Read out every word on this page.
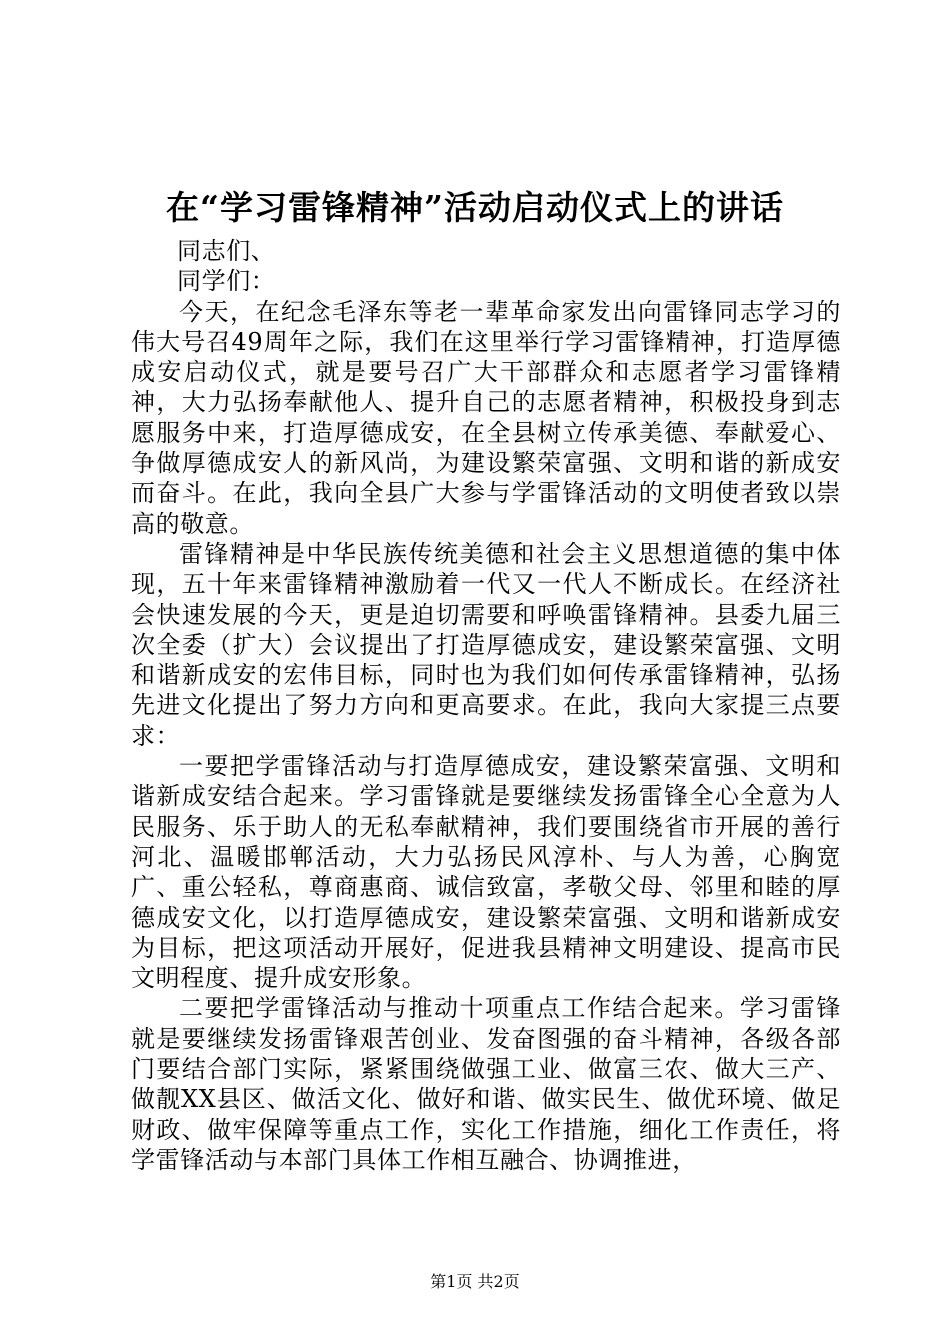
在“学习雷锋精神”活动启动仪式上的讲话

同志们、

同学们：

今天，在纪念毛泽东等老一辈革命家发出向雷锋同志学习的伟大号召49周年之际，我们在这里举行学习雷锋精神，打造厚德成安启动仪式，就是要号召广大干部群众和志愿者学习雷锋精神，大力弘扬奉献他人、提升自己的志愿者精神，积极投身到志愿服务中来，打造厚德成安，在全县树立传承美德、奉献爱心、争做厚德成安人的新风尚，为建设繁荣富强、文明和谐的新成安而奋斗。在此，我向全县广大参与学雷锋活动的文明使者致以崇高的敬意。

雷锋精神是中华民族传统美德和社会主义思想道德的集中体现，五十年来雷锋精神激励着一代又一代人不断成长。在经济社会快速发展的今天，更是迫切需要和呼唤雷锋精神。县委九届三次全委（扩大）会议提出了打造厚德成安，建设繁荣富强、文明和谐新成安的宏伟目标，同时也为我们如何传承雷锋精神，弘扬先进文化提出了努力方向和更高要求。在此，我向大家提三点要求：

一要把学雷锋活动与打造厚德成安，建设繁荣富强、文明和谐新成安结合起来。学习雷锋就是要继续发扬雷锋全心全意为人民服务、乐于助人的无私奉献精神，我们要围绕省市开展的善行河北、温暖邯郸活动，大力弘扬民风淳朴、与人为善，心胸宽广、重公轻私，尊商惠商、诚信致富，孝敬父母、邻里和睦的厚德成安文化，以打造厚德成安，建设繁荣富强、文明和谐新成安为目标，把这项活动开展好，促进我县精神文明建设、提高市民文明程度、提升成安形象。

二要把学雷锋活动与推动十项重点工作结合起来。学习雷锋就是要继续发扬雷锋艰苦创业、发奋图强的奋斗精神，各级各部门要结合部门实际，紧紧围绕做强工业、做富三农、做大三产、做靓XX县区、做活文化、做好和谐、做实民生、做优环境、做足财政、做牢保障等重点工作，实化工作措施，细化工作责任，将学雷锋活动与本部门具体工作相互融合、协调推进，

第1页 共2页
